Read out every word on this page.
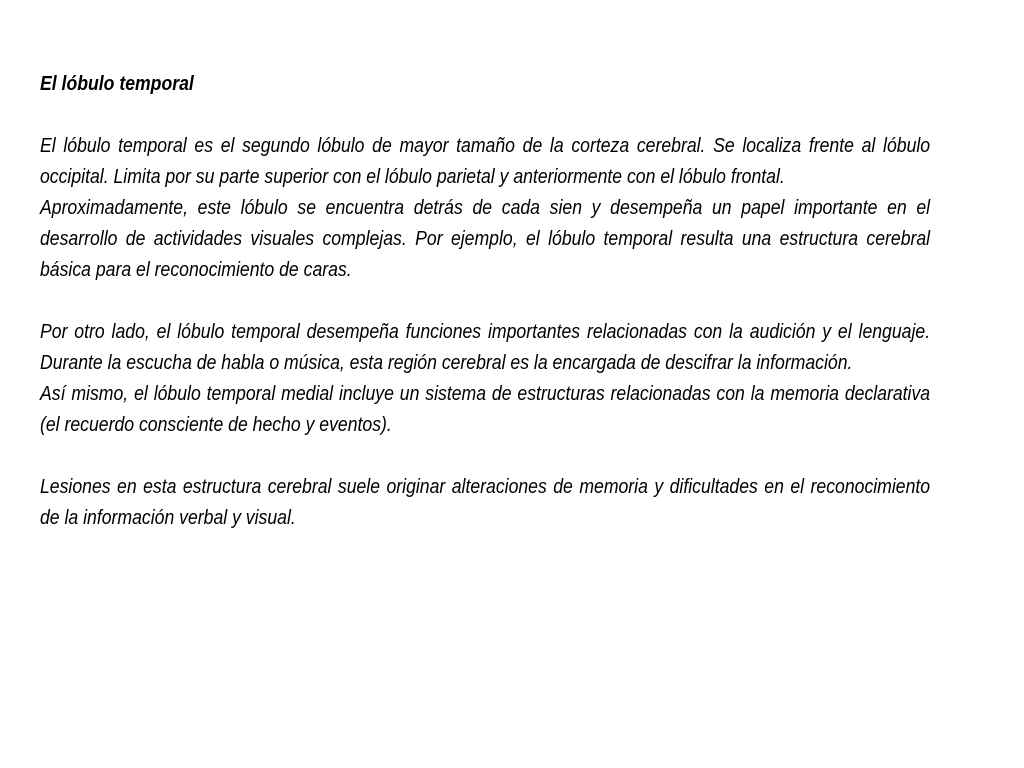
El lóbulo temporal

El lóbulo temporal es el segundo lóbulo de mayor tamaño de la corteza cerebral. Se localiza frente al lóbulo occipital. Limita por su parte superior con el lóbulo parietal y anteriormente con el lóbulo frontal.

Aproximadamente, este lóbulo se encuentra detrás de cada sien y desempeña un papel importante en el desarrollo de actividades visuales complejas. Por ejemplo, el lóbulo temporal resulta una estructura cerebral básica para el reconocimiento de caras.

Por otro lado, el lóbulo temporal desempeña funciones importantes relacionadas con la audición y el lenguaje. Durante la escucha de habla o música, esta región cerebral es la encargada de descifrar la información.

Así mismo, el lóbulo temporal medial incluye un sistema de estructuras relacionadas con la memoria declarativa (el recuerdo consciente de hecho y eventos).

Lesiones en esta estructura cerebral suele originar alteraciones de memoria y dificultades en el reconocimiento de la información verbal y visual.
